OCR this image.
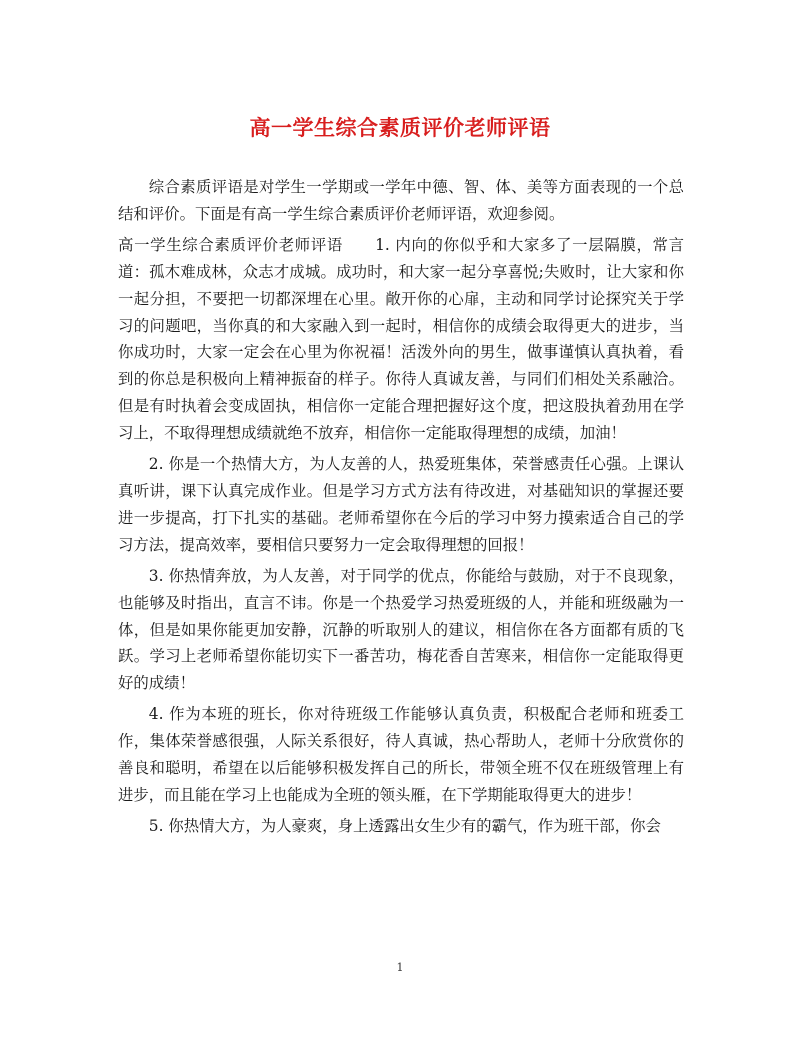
高一学生综合素质评价老师评语

综合素质评语是对学生一学期或一学年中德、智、体、美等方面表现的一个总结和评价。下面是有高一学生综合素质评价老师评语，欢迎参阅。

高一学生综合素质评价老师评语　　1. 内向的你似乎和大家多了一层隔膜，常言道：孤木难成林，众志才成城。成功时，和大家一起分享喜悦;失败时，让大家和你一起分担，不要把一切都深埋在心里。敞开你的心扉，主动和同学讨论探究关于学习的问题吧，当你真的和大家融入到一起时，相信你的成绩会取得更大的进步，当你成功时，大家一定会在心里为你祝福！活泼外向的男生，做事谨慎认真执着，看到的你总是积极向上精神振奋的样子。你待人真诚友善，与同们们相处关系融洽。但是有时执着会变成固执，相信你一定能合理把握好这个度，把这股执着劲用在学习上，不取得理想成绩就绝不放弃，相信你一定能取得理想的成绩，加油！

2. 你是一个热情大方，为人友善的人，热爱班集体，荣誉感责任心强。上课认真听讲，课下认真完成作业。但是学习方式方法有待改进，对基础知识的掌握还要进一步提高，打下扎实的基础。老师希望你在今后的学习中努力摸索适合自己的学习方法，提高效率，要相信只要努力一定会取得理想的回报！

3. 你热情奔放，为人友善，对于同学的优点，你能给与鼓励，对于不良现象，也能够及时指出，直言不讳。你是一个热爱学习热爱班级的人，并能和班级融为一体，但是如果你能更加安静，沉静的听取别人的建议，相信你在各方面都有质的飞跃。学习上老师希望你能切实下一番苦功，梅花香自苦寒来，相信你一定能取得更好的成绩！

4. 作为本班的班长，你对待班级工作能够认真负责，积极配合老师和班委工作，集体荣誉感很强，人际关系很好，待人真诚，热心帮助人，老师十分欣赏你的善良和聪明，希望在以后能够积极发挥自己的所长，带领全班不仅在班级管理上有进步，而且能在学习上也能成为全班的领头雁，在下学期能取得更大的进步！

5. 你热情大方，为人豪爽，身上透露出女生少有的霸气，作为班干部，你会

1
